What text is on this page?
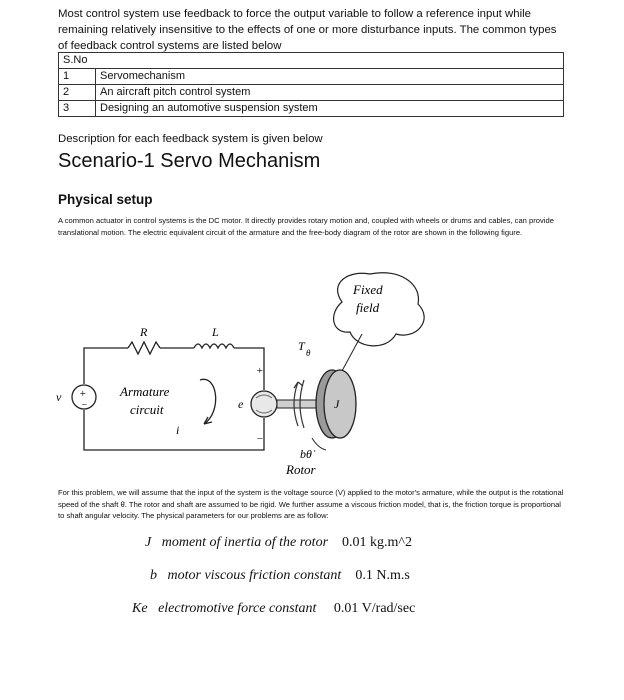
Most control system use feedback to force the output variable to follow a reference input while remaining relatively insensitive to the effects of one or more disturbance inputs. The common types of feedback control systems are listed below
S.No	
1	Servomechanism
2	An aircraft pitch control system
3	Designing an automotive suspension system
Description for each feedback system is given below
Scenario-1 Servo Mechanism
Physical setup
A common actuator in control systems is the DC motor. It directly provides rotary motion and, coupled with wheels or drums and cables, can provide translational motion. The electric equivalent circuit of the armature and the free-body diagram of the rotor are shown in the following figure.
Fixed
field
+
−
v
R	L
Armature
circuit
i
+
−
e
T θ
J
bθ̇
Rotor
For this problem, we will assume that the input of the system is the voltage source (V) applied to the motor's armature, while the output is the rotational speed of the shaft θ̇. The rotor and shaft are assumed to be rigid. We further assume a viscous friction model, that is, the friction torque is proportional to shaft angular velocity. The physical parameters for our problems are as follow:
J moment of inertia of the rotor 0.01 kg.m^2
b motor viscous friction constant 0.1 N.m.s
Ke electromotive force constant 0.01 V/rad/sec
